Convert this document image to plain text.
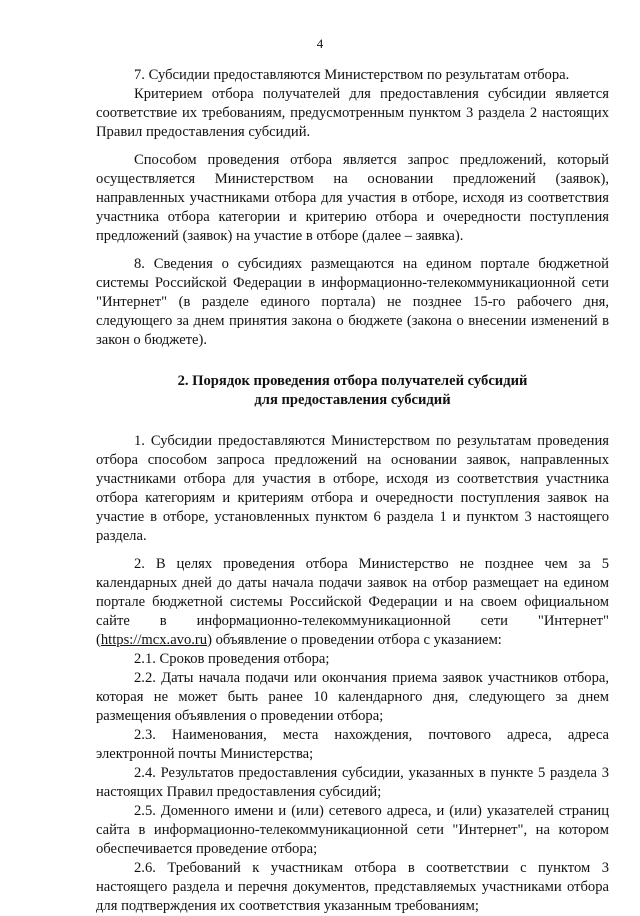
4

7. Субсидии предоставляются Министерством по результатам отбора.

Критерием отбора получателей для предоставления субсидии является соответствие их требованиям, предусмотренным пунктом 3 раздела 2 настоящих Правил предоставления субсидий.

Способом проведения отбора является запрос предложений, который осуществляется Министерством на основании предложений (заявок), направленных участниками отбора для участия в отборе, исходя из соответствия участника отбора категории и критерию отбора и очередности поступления предложений (заявок) на участие в отборе (далее – заявка).

8. Сведения о субсидиях размещаются на едином портале бюджетной системы Российской Федерации в информационно-телекоммуникационной сети "Интернет" (в разделе единого портала) не позднее 15-го рабочего дня, следующего за днем принятия закона о бюджете (закона о внесении изменений в закон о бюджете).

2. Порядок проведения отбора получателей субсидий

для предоставления субсидий

1. Субсидии предоставляются Министерством по результатам проведения отбора способом запроса предложений на основании заявок, направленных участниками отбора для участия в отборе, исходя из соответствия участника отбора категориям и критериям отбора и очередности поступления заявок на участие в отборе, установленных пунктом 6 раздела 1 и пунктом 3 настоящего раздела.

2. В целях проведения отбора Министерство не позднее чем за 5 календарных дней до даты начала подачи заявок на отбор размещает на едином портале бюджетной системы Российской Федерации и на своем официальном сайте в информационно-телекоммуникационной сети "Интернет" (https://mcx.avo.ru) объявление о проведении отбора с указанием:

2.1. Сроков проведения отбора;

2.2. Даты начала подачи или окончания приема заявок участников отбора, которая не может быть ранее 10 календарного дня, следующего за днем размещения объявления о проведении отбора;

2.3. Наименования, места нахождения, почтового адреса, адреса электронной почты Министерства;

2.4. Результатов предоставления субсидии, указанных в пункте 5 раздела 3 настоящих Правил предоставления субсидий;

2.5. Доменного имени и (или) сетевого адреса, и (или) указателей страниц сайта в информационно-телекоммуникационной сети "Интернет", на котором обеспечивается проведение отбора;

2.6. Требований к участникам отбора в соответствии с пунктом 3 настоящего раздела и перечня документов, представляемых участниками отбора для подтверждения их соответствия указанным требованиям;
